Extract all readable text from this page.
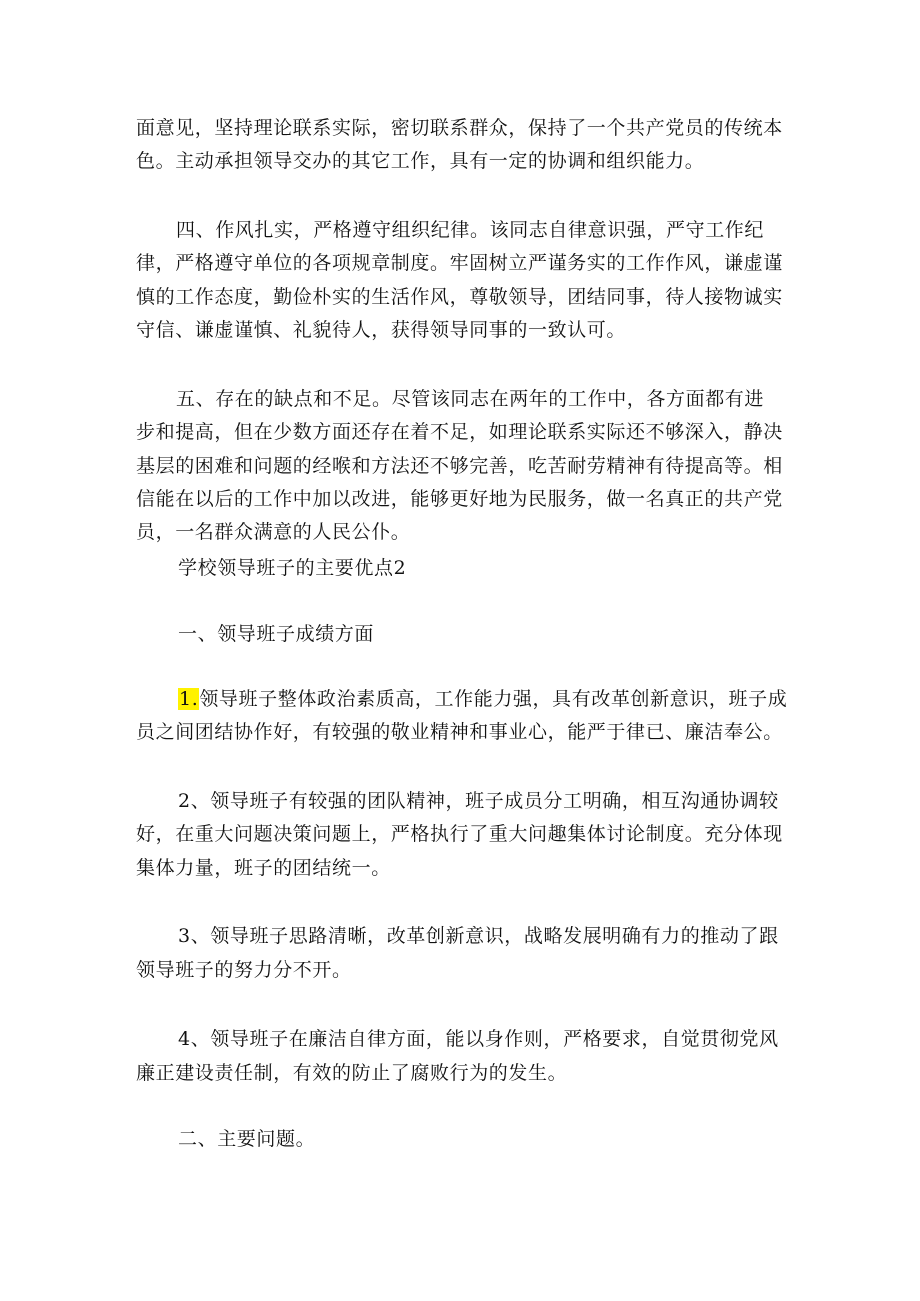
面意见，坚持理论联系实际，密切联系群众，保持了一个共产党员的传统本
色。主动承担领导交办的其它工作，具有一定的协调和组织能力。
四、作风扎实，严格遵守组织纪律。该同志自律意识强，严守工作纪
律，严格遵守单位的各项规章制度。牢固树立严谨务实的工作作风，谦虚谨
慎的工作态度，勤俭朴实的生活作风，尊敬领导，团结同事，待人接物诚实
守信、谦虚谨慎、礼貌待人，获得领导同事的一致认可。
五、存在的缺点和不足。尽管该同志在两年的工作中，各方面都有进
步和提高，但在少数方面还存在着不足，如理论联系实际还不够深入，静决
基层的困难和问题的经喉和方法还不够完善，吃苦耐劳精神有待提高等。相
信能在以后的工作中加以改进，能够更好地为民服务，做一名真正的共产党
员，一名群众满意的人民公仆。
学校领导班子的主要优点2
一、领导班子成绩方面
1.领导班子整体政治素质高，工作能力强，具有改革创新意识，班子成
员之间团结协作好，有较强的敬业精神和事业心，能严于律已、廉洁奉公。
2、领导班子有较强的团队精神，班子成员分工明确，相互沟通协调较
好，在重大问题决策问题上，严格执行了重大问趣集体讨论制度。充分体现
集体力量，班子的团结统一。
3、领导班子思路清晰，改革创新意识，战略发展明确有力的推动了跟
领导班子的努力分不开。
4、领导班子在廉洁自律方面，能以身作则，严格要求，自觉贯彻党风
廉正建设责任制，有效的防止了腐败行为的发生。
二、主要问题。
